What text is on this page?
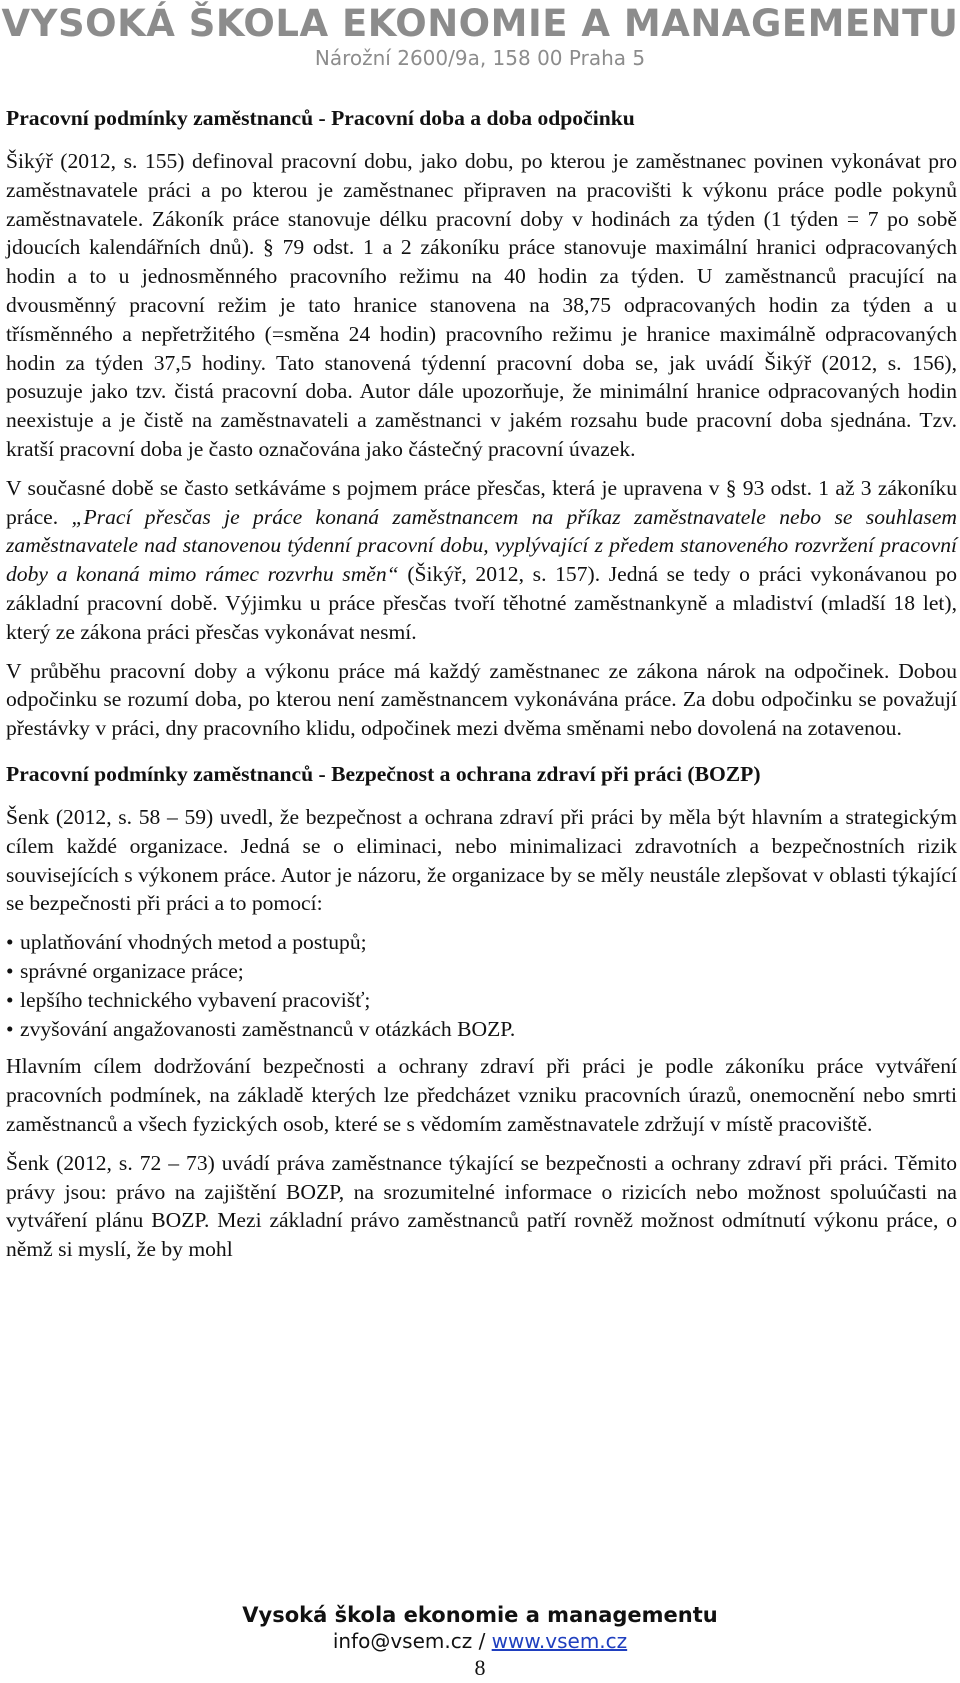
VYSOKÁ ŠKOLA EKONOMIE A MANAGEMENTU
Nárožní 2600/9a, 158 00 Praha 5
Pracovní podmínky zaměstnanců - Pracovní doba a doba odpočinku

Šikýř (2012, s. 155) definoval pracovní dobu, jako dobu, po kterou je zaměstnanec povinen vykonávat pro zaměstnavatele práci a po kterou je zaměstnanec připraven na pracovišti k výkonu práce podle pokynů zaměstnavatele. Zákoník práce stanovuje délku pracovní doby v hodinách za týden (1 týden = 7 po sobě jdoucích kalendářních dnů). § 79 odst. 1 a 2 zákoníku práce stanovuje maximální hranici odpracovaných hodin a to u jednosměnného pracovního režimu na 40 hodin za týden. U zaměstnanců pracující na dvousměnný pracovní režim je tato hranice stanovena na 38,75 odpracovaných hodin za týden a u třísměnného a nepřetržitého (=směna 24 hodin) pracovního režimu je hranice maximálně odpracovaných hodin za týden 37,5 hodiny. Tato stanovená týdenní pracovní doba se, jak uvádí Šikýř (2012, s. 156), posuzuje jako tzv. čistá pracovní doba. Autor dále upozorňuje, že minimální hranice odpracovaných hodin neexistuje a je čistě na zaměstnavateli a zaměstnanci v jakém rozsahu bude pracovní doba sjednána. Tzv. kratší pracovní doba je často označována jako částečný pracovní úvazek.

V současné době se často setkáváme s pojmem práce přesčas, která je upravena v § 93 odst. 1 až 3 zákoníku práce. „Prací přesčas je práce konaná zaměstnancem na příkaz zaměstnavatele nebo se souhlasem zaměstnavatele nad stanovenou týdenní pracovní dobu, vyplývající z předem stanoveného rozvržení pracovní doby a konaná mimo rámec rozvrhu směn“ (Šikýř, 2012, s. 157). Jedná se tedy o práci vykonávanou po základní pracovní době. Výjimku u práce přesčas tvoří těhotné zaměstnankyně a mladiství (mladší 18 let), který ze zákona práci přesčas vykonávat nesmí.

V průběhu pracovní doby a výkonu práce má každý zaměstnanec ze zákona nárok na odpočinek. Dobou odpočinku se rozumí doba, po kterou není zaměstnancem vykonávána práce. Za dobu odpočinku se považují přestávky v práci, dny pracovního klidu, odpočinek mezi dvěma směnami nebo dovolená na zotavenou.

Pracovní podmínky zaměstnanců - Bezpečnost a ochrana zdraví při práci (BOZP)

Šenk (2012, s. 58 – 59) uvedl, že bezpečnost a ochrana zdraví při práci by měla být hlavním a strategickým cílem každé organizace. Jedná se o eliminaci, nebo minimalizaci zdravotních a bezpečnostních rizik souvisejících s výkonem práce. Autor je názoru, že organizace by se měly neustále zlepšovat v oblasti týkající se bezpečnosti při práci a to pomocí:

• uplatňování vhodných metod a postupů;
• správné organizace práce;
• lepšího technického vybavení pracovišť;
• zvyšování angažovanosti zaměstnanců v otázkách BOZP.

Hlavním cílem dodržování bezpečnosti a ochrany zdraví při práci je podle zákoníku práce vytváření pracovních podmínek, na základě kterých lze předcházet vzniku pracovních úrazů, onemocnění nebo smrti zaměstnanců a všech fyzických osob, které se s vědomím zaměstnavatele zdržují v místě pracoviště.

Šenk (2012, s. 72 – 73) uvádí práva zaměstnance týkající se bezpečnosti a ochrany zdraví při práci. Těmito právy jsou: právo na zajištění BOZP, na srozumitelné informace o rizicích nebo možnost spoluúčasti na vytváření plánu BOZP. Mezi základní právo zaměstnanců patří rovněž možnost odmítnutí výkonu práce, o němž si myslí, že by mohl

Vysoká škola ekonomie a managementu
info@vsem.cz / www.vsem.cz
8
